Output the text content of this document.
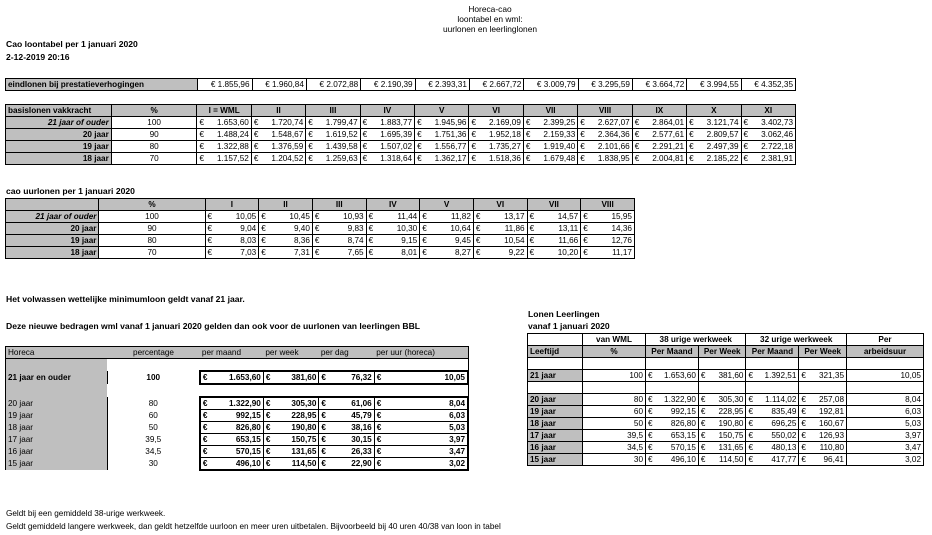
Horeca-cao
loontabel en wml:
uurlonen en leerlinglonen
Cao loontabel per 1 januari 2020
2-12-2019 20:16
eindlonen bij prestatieverhogingen	€ 1.855,96	€ 1.960,84	€ 2.072,88	€ 2.190,39	€ 2.393,31	€ 2.667,72	€ 3.009,79	€ 3.295,59	€ 3.664,72	€ 3.994,55	€ 4.352,35
basislonen vakkracht	%	I = WML	II	III	IV	V	VI	VII	VIII	IX	X	XI
21 jaar of ouder	100	€ 1.653,60	€ 1.720,74	€ 1.799,47	€ 1.883,77	€ 1.945,96	€ 2.169,09	€ 2.399,25	€ 2.627,07	€ 2.864,01	€ 3.121,74	€ 3.402,73

20 jaar	90	€ 1.488,24	€ 1.548,67	€ 1.619,52	€ 1.695,39	€ 1.751,36	€ 1.952,18	€ 2.159,33	€ 2.364,36	€ 2.577,61	€ 2.809,57	€ 3.062,46

19 jaar	80	€ 1.322,88	€ 1.376,59	€ 1.439,58	€ 1.507,02	€ 1.556,77	€ 1.735,27	€ 1.919,40	€ 2.101,66	€ 2.291,21	€ 2.497,39	€ 2.722,18

18 jaar	70	€ 1.157,52	€ 1.204,52	€ 1.259,63	€ 1.318,64	€ 1.362,17	€ 1.518,36	€ 1.679,48	€ 1.838,95	€ 2.004,81	€ 2.185,22	€ 2.381,91
cao uurlonen per 1 januari 2020
	%	I	II	III	IV	V	VI	VII	VIII
21 jaar of ouder	100	€ 10,05	€ 10,45	€ 10,93	€ 11,44	€ 11,82	€ 13,17	€ 14,57	€ 15,95

20 jaar	90	€ 9,04	€ 9,40	€ 9,83	€ 10,30	€ 10,64	€ 11,86	€ 13,11	€ 14,36

19 jaar	80	€ 8,03	€ 8,36	€ 8,74	€ 9,15	€ 9,45	€ 10,54	€ 11,66	€ 12,76

18 jaar	70	€ 7,03	€ 7,31	€ 7,65	€ 8,01	€ 8,27	€ 9,22	€ 10,20	€ 11,17
Het volwassen wettelijke minimumloon geldt vanaf 21 jaar.
Deze nieuwe bedragen wml vanaf 1 januari 2020 gelden dan ook voor de uurlonen van leerlingen BBL
Lonen Leerlingen
vanaf 1 januari 2020
Horeca	percentage	per maand	per week	per dag	per uur (horeca)

21 jaar en ouder	100	€ 1.653,60	€ 381,60	€ 76,32	€ 10,05

20 jaar	80	€ 1.322,90	€ 305,30	€ 61,06	€ 8,04

19 jaar	60	€ 992,15	€ 228,95	€ 45,79	€ 6,03

18 jaar	50	€ 826,80	€ 190,80	€ 38,16	€ 5,03

17 jaar	39,5	€ 653,15	€ 150,75	€ 30,15	€ 3,97

16 jaar	34,5	€ 570,15	€ 131,65	€ 26,33	€ 3,47

15 jaar	30	€ 496,10	€ 114,50	€ 22,90	€ 3,02
	van WML	38 urige werkweek		32 urige werkweek		Per
Leeftijd	%	Per Maand	Per Week	Per Maand	Per Week	arbeidsuur

21 jaar	100	€ 1.653,60	€ 381,60	€ 1.392,51	€ 321,35	10,05

20 jaar	80	€ 1.322,90	€ 305,30	€ 1.114,02	€ 257,08	8,04
19 jaar	60	€ 992,15	€ 228,95	€ 835,49	€ 192,81	6,03
18 jaar	50	€ 826,80	€ 190,80	€ 696,25	€ 160,67	5,03
17 jaar	39,5	€ 653,15	€ 150,75	€ 550,02	€ 126,93	3,97
16 jaar	34,5	€ 570,15	€ 131,65	€ 480,13	€ 110,80	3,47
15 jaar	30	€ 496,10	€ 114,50	€ 417,77	€ 96,41	3,02
Geldt bij een gemiddeld 38-urige werkweek.
Geldt gemiddeld langere werkweek, dan geldt hetzelfde uurloon en meer uren uitbetalen. Bijvoorbeeld bij 40 uren 40/38 van loon in tabel
